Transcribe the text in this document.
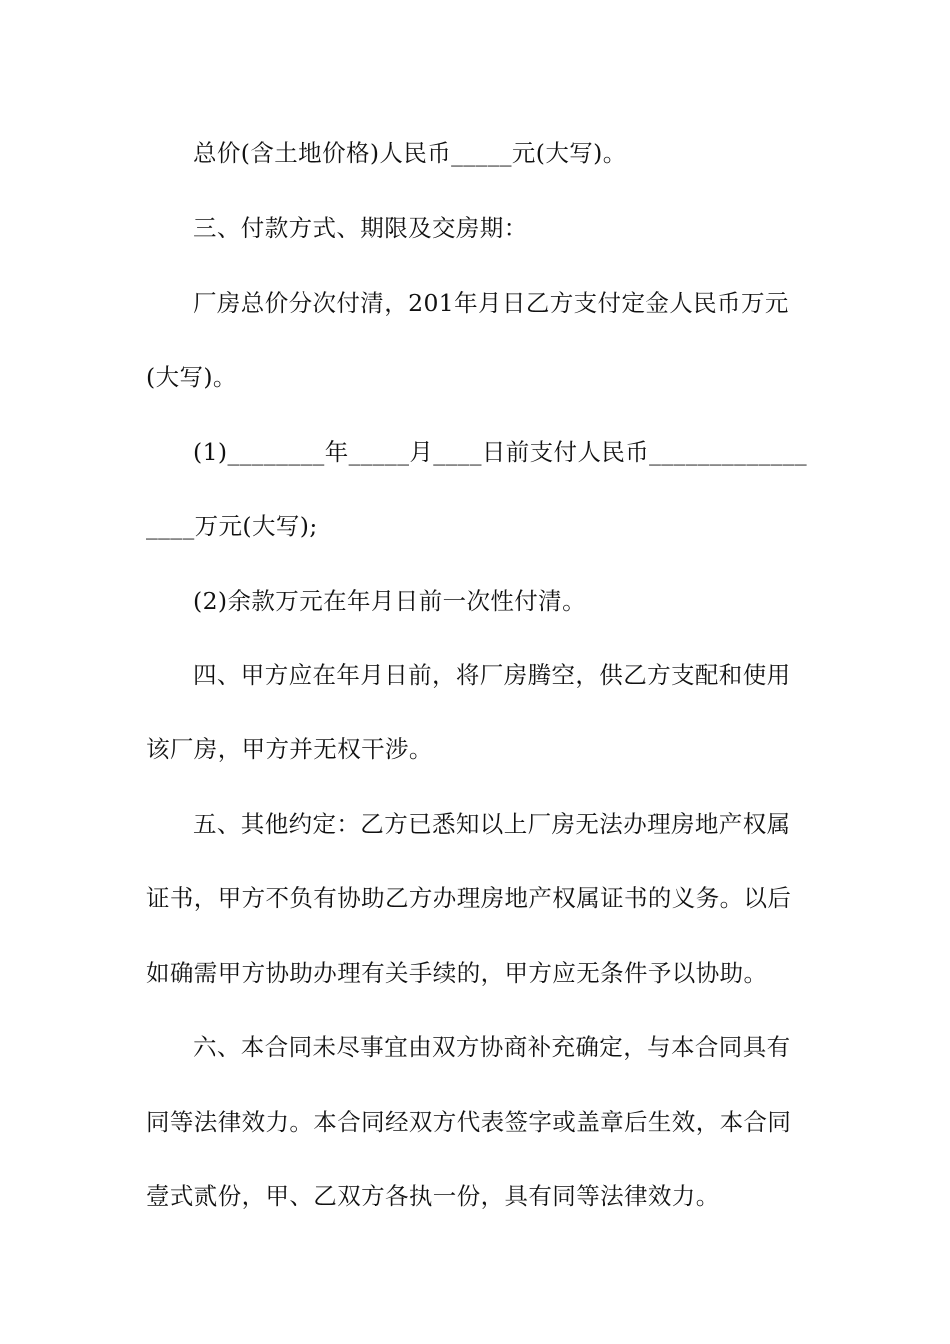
总价(含土地价格)人民币_____元(大写)。
三、付款方式、期限及交房期：
厂房总价分次付清，201年月日乙方支付定金人民币万元
(大写)。
(1)________年_____月____日前支付人民币_____________
____万元(大写);
(2)余款万元在年月日前一次性付清。
四、甲方应在年月日前，将厂房腾空，供乙方支配和使用
该厂房，甲方并无权干涉。
五、其他约定：乙方已悉知以上厂房无法办理房地产权属
证书，甲方不负有协助乙方办理房地产权属证书的义务。以后
如确需甲方协助办理有关手续的，甲方应无条件予以协助。
六、本合同未尽事宜由双方协商补充确定，与本合同具有
同等法律效力。本合同经双方代表签字或盖章后生效，本合同
壹式贰份，甲、乙双方各执一份，具有同等法律效力。
